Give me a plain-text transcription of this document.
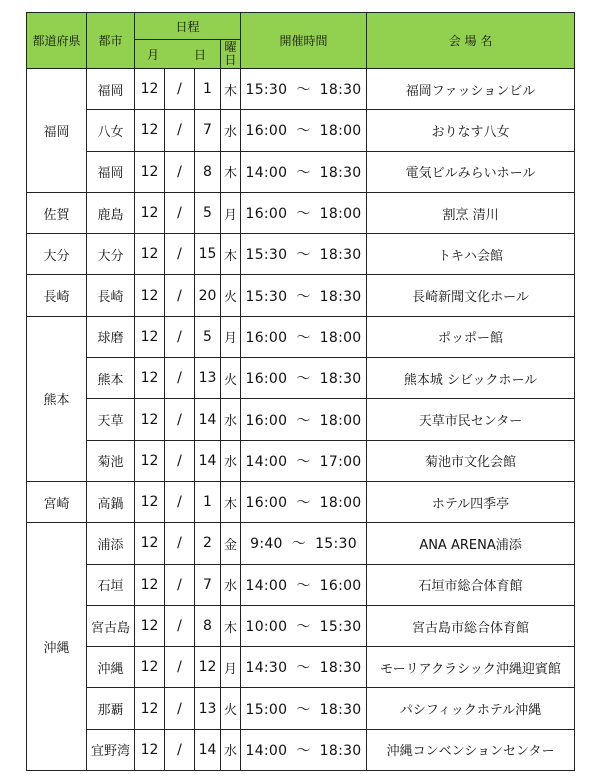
都道府県	都市	日程				開催時間	会 場 名

		月 日			曜日		

福岡	福岡	12	/	1	木	15:30 ～ 18:30	福岡ファッションビル
	八女	12	/	7	水	16:00 ～ 18:00	おりなす八女
	福岡	12	/	8	木	14:00 ～ 18:30	電気ビルみらいホール
佐賀	鹿島	12	/	5	月	16:00 ～ 18:00	割烹 清川
大分	大分	12	/	15	木	15:30 ～ 18:30	トキハ会館
長崎	長崎	12	/	20	火	15:30 ～ 18:30	長崎新聞文化ホール
熊本	球磨	12	/	5	月	16:00 ～ 18:00	ポッポー館
	熊本	12	/	13	火	16:00 ～ 18:30	熊本城 シビックホール
	天草	12	/	14	水	16:00 ～ 18:00	天草市民センター
	菊池	12	/	14	水	14:00 ～ 17:00	菊池市文化会館
宮崎	高鍋	12	/	1	木	16:00 ～ 18:00	ホテル四季亭
沖縄	浦添	12	/	2	金	9:40 ～ 15:30	ANA ARENA浦添
	石垣	12	/	7	水	14:00 ～ 16:00	石垣市総合体育館
	宮古島	12	/	8	木	10:00 ～ 15:30	宮古島市総合体育館
	沖縄	12	/	12	月	14:30 ～ 18:30	モーリアクラシック沖縄迎賓館
	那覇	12	/	13	火	15:00 ～ 18:30	パシフィックホテル沖縄
	宜野湾	12	/	14	水	14:00 ～ 18:30	沖縄コンベンションセンター
